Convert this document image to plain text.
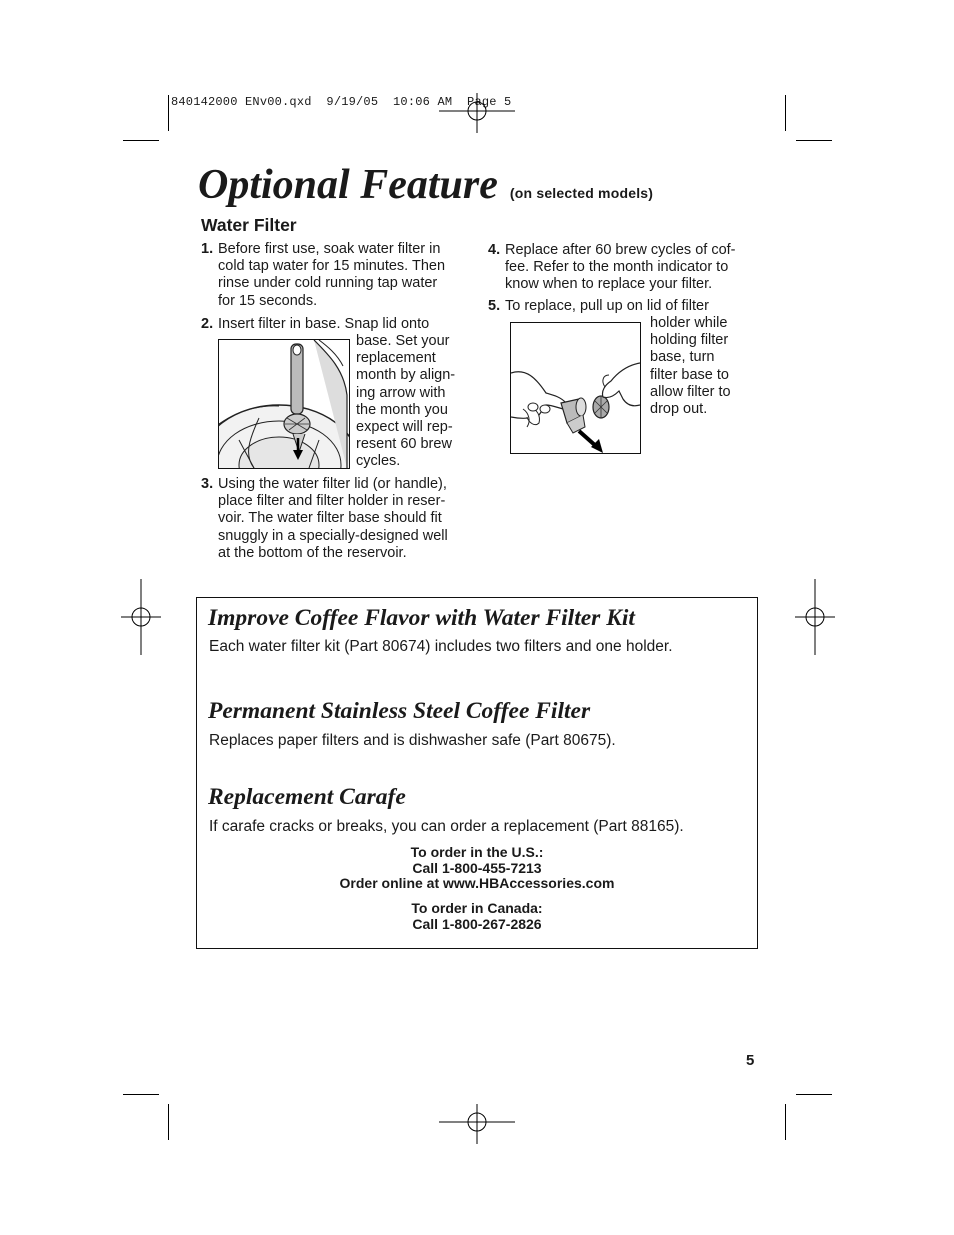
840142000 ENv00.qxd  9/19/05  10:06 AM  Page 5
Optional Feature (on selected models)
Water Filter
1. Before first use, soak water filter in
cold tap water for 15 minutes. Then
rinse under cold running tap water
for 15 seconds.
2. Insert filter in base. Snap lid onto
base. Set your
replacement
month by align-
ing arrow with
the month you
expect will rep-
resent 60 brew
cycles.
3. Using the water filter lid (or handle),
place filter and filter holder in reser-
voir. The water filter base should fit
snuggly in a specially-designed well
at the bottom of the reservoir.
4. Replace after 60 brew cycles of cof-
fee. Refer to the month indicator to
know when to replace your filter.
5. To replace, pull up on lid of filter
holder while
holding filter
base, turn
filter base to
allow filter to
drop out.
Improve Coffee Flavor with Water Filter Kit
Each water filter kit (Part 80674) includes two filters and one holder.
Permanent Stainless Steel Coffee Filter
Replaces paper filters and is dishwasher safe (Part 80675).
Replacement Carafe
If carafe cracks or breaks, you can order a replacement (Part 88165).
To order in the U.S.:
Call 1-800-455-7213
Order online at www.HBAccessories.com
To order in Canada:
Call 1-800-267-2826
5
